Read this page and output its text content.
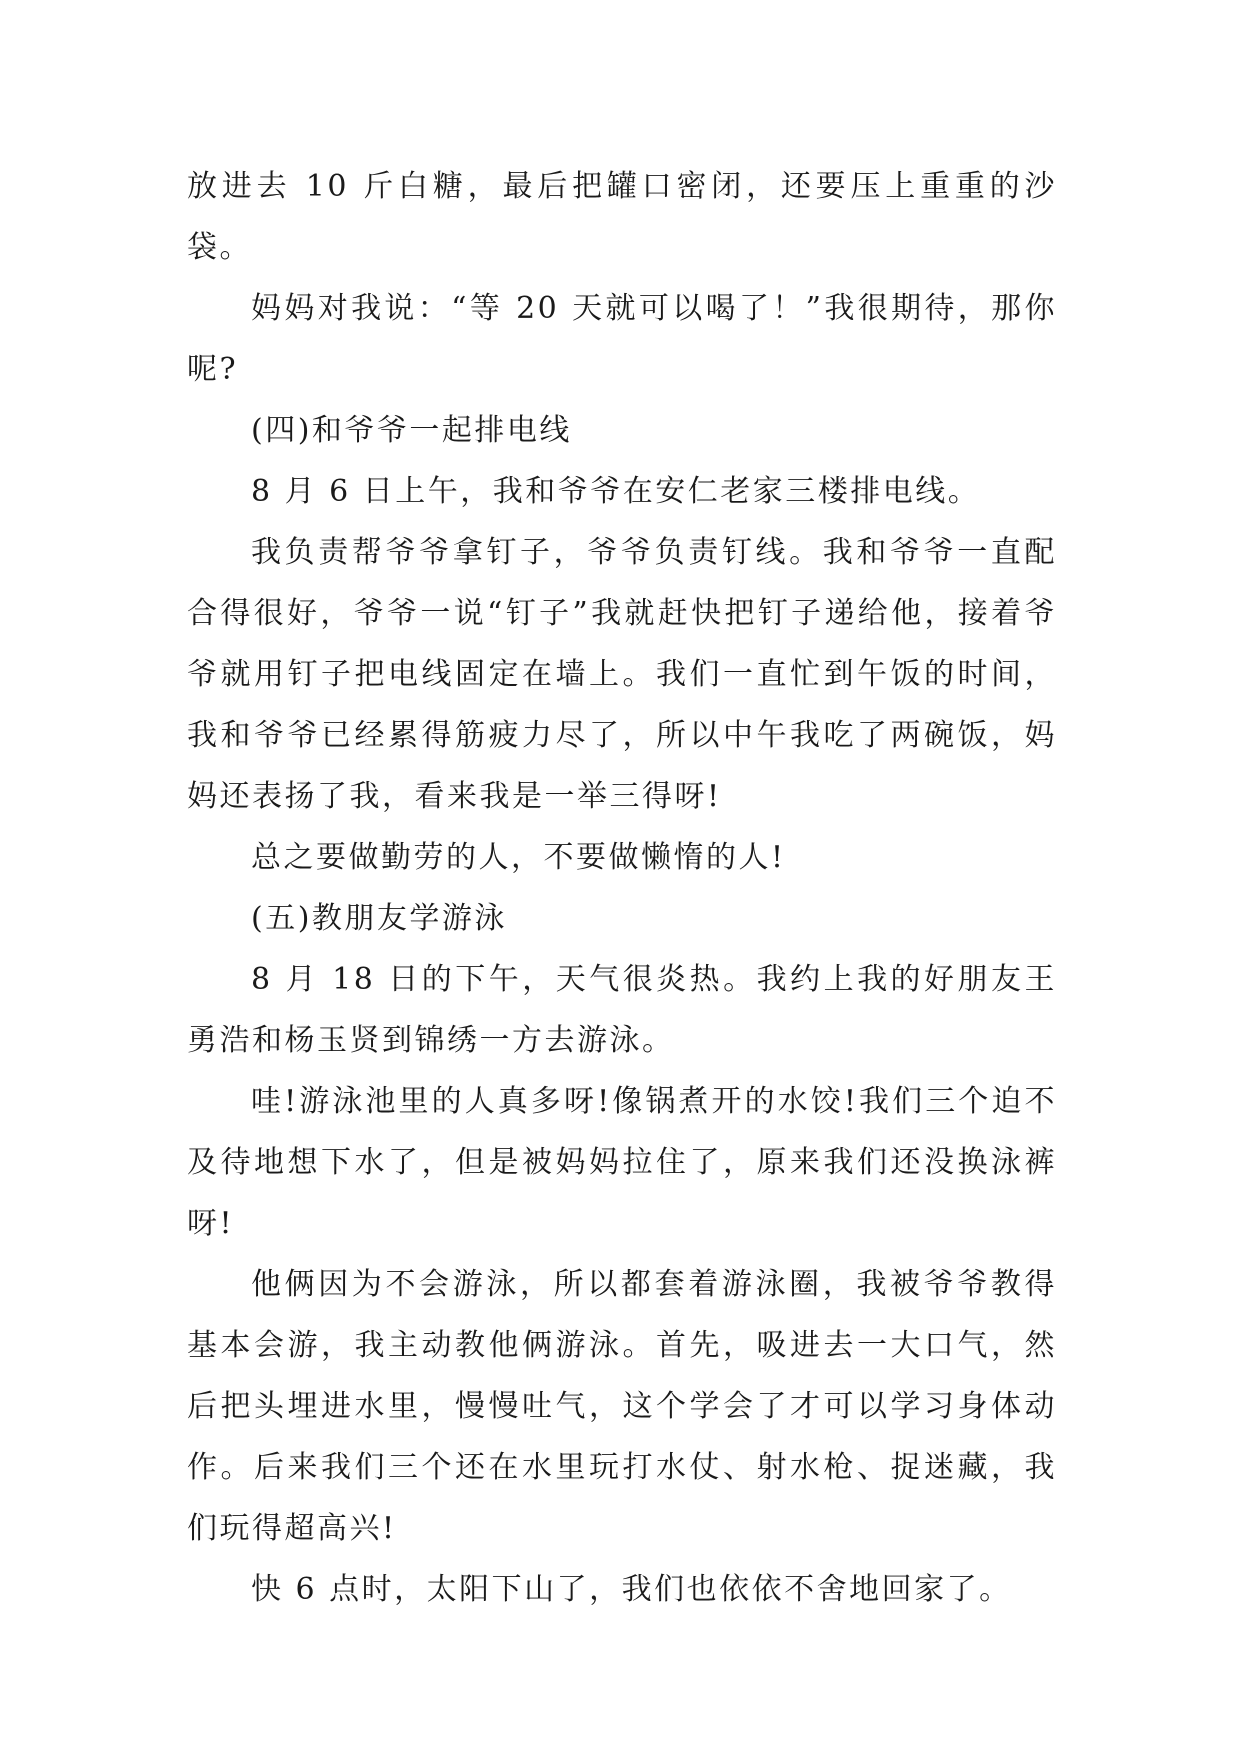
放进去 10 斤白糖，最后把罐口密闭，还要压上重重的沙袋。

妈妈对我说：“等 20 天就可以喝了！”我很期待，那你呢?

(四)和爷爷一起排电线

8 月 6 日上午，我和爷爷在安仁老家三楼排电线。

我负责帮爷爷拿钉子，爷爷负责钉线。我和爷爷一直配合得很好，爷爷一说“钉子”我就赶快把钉子递给他，接着爷爷就用钉子把电线固定在墙上。我们一直忙到午饭的时间，我和爷爷已经累得筋疲力尽了，所以中午我吃了两碗饭，妈妈还表扬了我，看来我是一举三得呀!

总之要做勤劳的人，不要做懒惰的人!

(五)教朋友学游泳

8 月 18 日的下午，天气很炎热。我约上我的好朋友王勇浩和杨玉贤到锦绣一方去游泳。

哇!游泳池里的人真多呀!像锅煮开的水饺!我们三个迫不及待地想下水了，但是被妈妈拉住了，原来我们还没换泳裤呀!

他俩因为不会游泳，所以都套着游泳圈，我被爷爷教得基本会游，我主动教他俩游泳。首先，吸进去一大口气，然后把头埋进水里，慢慢吐气，这个学会了才可以学习身体动作。后来我们三个还在水里玩打水仗、射水枪、捉迷藏，我们玩得超高兴!

快 6 点时，太阳下山了，我们也依依不舍地回家了。
